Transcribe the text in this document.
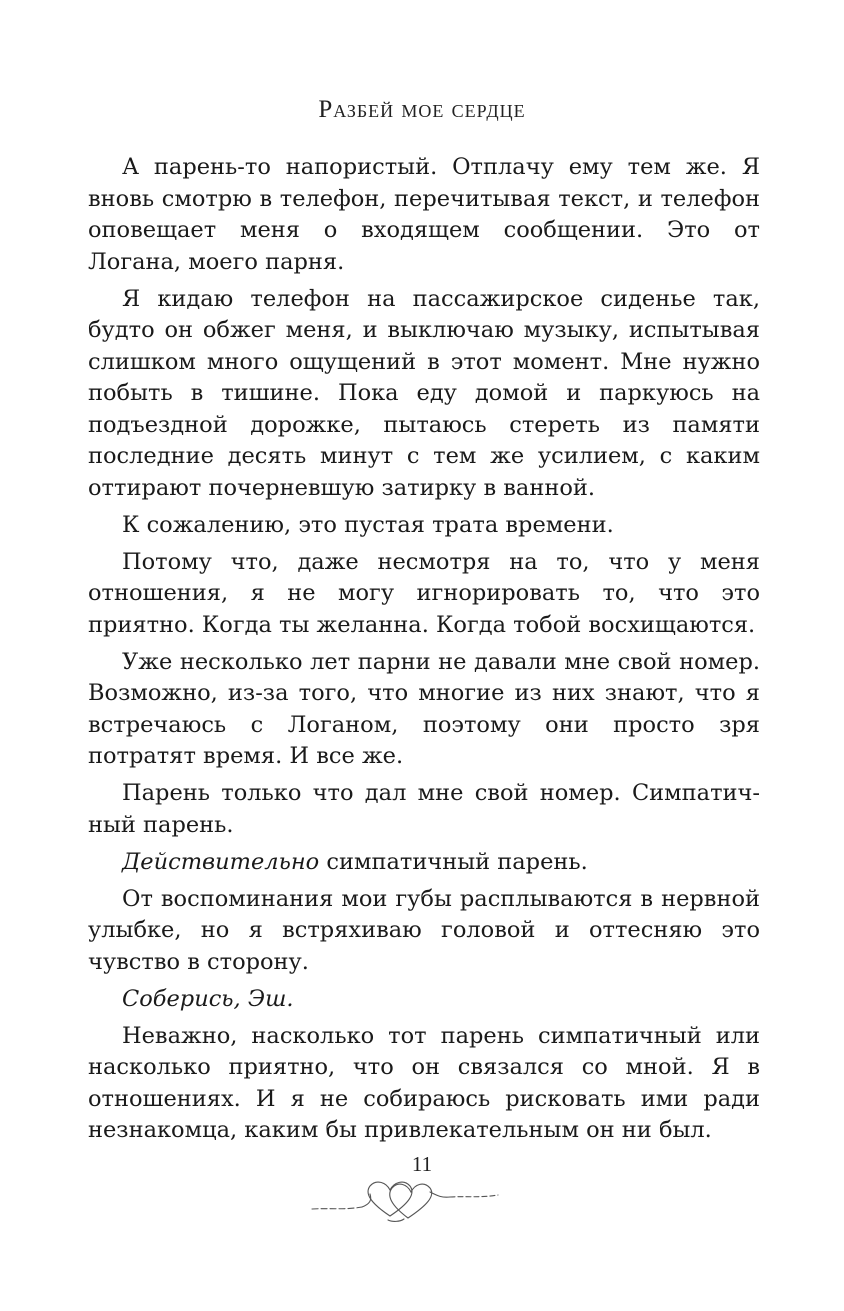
Разбей мое сердце

А парень-то напористый. Отплачу ему тем же. Я вновь смотрю в телефон, перечитывая текст, и телефон оповещает меня о входящем сообщении. Это от Логана, моего парня.

Я кидаю телефон на пассажирское сиденье так, будто он обжег меня, и выключаю музыку, испытывая слишком много ощущений в этот момент. Мне нужно побыть в тишине. Пока еду домой и паркуюсь на подъездной дорожке, пытаюсь стереть из памяти последние десять минут с тем же усилием, с каким оттирают почерневшую затирку в ванной.

К сожалению, это пустая трата времени.

Потому что, даже несмотря на то, что у меня отношения, я не могу игнорировать то, что это приятно. Когда ты желанна. Когда тобой восхищаются.

Уже несколько лет парни не давали мне свой номер. Возможно, из-за того, что многие из них знают, что я встречаюсь с Логаном, поэтому они просто зря потратят время. И все же.

Парень только что дал мне свой номер. Симпатичный парень.

Действительно симпатичный парень.

От воспоминания мои губы расплываются в нервной улыбке, но я встряхиваю головой и оттесняю это чувство в сторону.

Соберись, Эш.

Неважно, насколько тот парень симпатичный или насколько приятно, что он связался со мной. Я в отношениях. И я не собираюсь рисковать ими ради незнакомца, каким бы привлекательным он ни был.

11
